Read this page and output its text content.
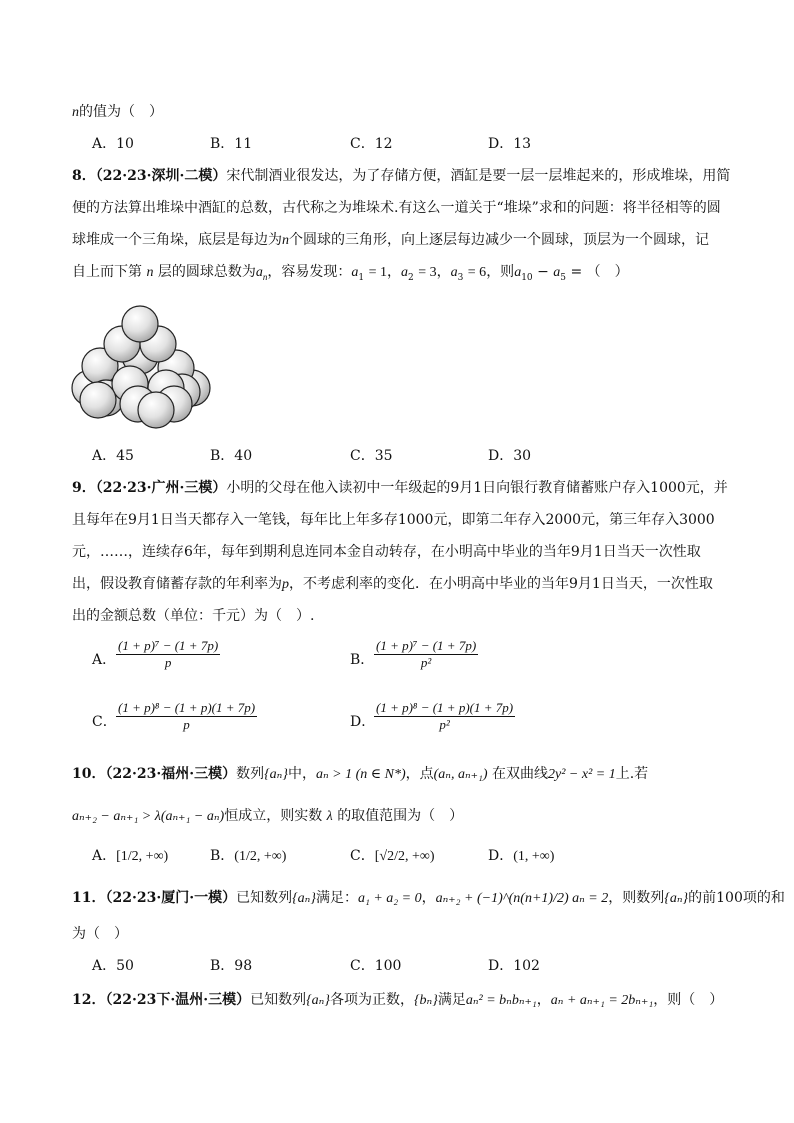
n的值为（　）
A．10	B．11	C．12	D．13
8．（22·23·深圳·二模）宋代制酒业很发达，为了存储方便，酒缸是要一层一层堆起来的，形成堆垛，用简
便的方法算出堆垛中酒缸的总数，古代称之为堆垛术.有这么一道关于“堆垛”求和的问题：将半径相等的圆
球堆成一个三角垛，底层是每边为n个圆球的三角形，向上逐层每边减少一个圆球，顶层为一个圆球，记
自上而下第 n 层的圆球总数为$a_n$，容易发现：$a_1 = 1$，$a_2 = 3$，$a_3 = 6$，则$a_{10} - a_5$ = （　）
A．45	B．40	C．35	D．30
9．（22·23·广州·三模）小明的父母在他入读初中一年级起的9月1日向银行教育储蓄账户存入1000元，并
且每年在9月1日当天都存入一笔钱，每年比上年多存1000元，即第二年存入2000元，第三年存入3000
元，……，连续存6年，每年到期利息连同本金自动转存，在小明高中毕业的当年9月1日当天一次性取
出，假设教育储蓄存款的年利率为p，不考虑利率的变化．在小明高中毕业的当年9月1日当天，一次性取
出的金额总数（单位：千元）为（　）.
A． $\frac{\text{(1 + p)⁷ − (1 + 7p)}}{p}$	B． $\frac{\text{(1 + p)⁷ − (1 + 7p)}}{\text{p²}}$
C． $\frac{\text{(1 + p)⁸ − (1 + p)(1 + 7p)}}{p}$	D．
$\frac{\text{(1 + p)⁸ − (1 + p)(1 + 7p)}}{\text{p²}}$
10．（22·23·福州·三模）数列{aₙ}中，aₙ > 1 (n ∈ N*)，点(aₙ, aₙ₊₁) 在双曲线2y² − x² = 1上.若
aₙ₊₂ − aₙ₊₁ > λ(aₙ₊₁ − aₙ)恒成立，则实数 λ 的取值范围为（　）
A．[1/2, +∞)	B．(1/2, +∞)	C．[√2/2, +∞)	D．(1, +∞)
11．（22·23·厦门·一模）已知数列{aₙ}满足：a₁ + a₂ = 0，aₙ₊₂ + (−1)^(n(n+1)/2) aₙ = 2，则数列{aₙ}的前100项的和
为（　）
A．50	B．98	C．100	D．102
12．（22·23下·温州·三模）已知数列{aₙ}各项为正数，{bₙ}满足aₙ² = bₙbₙ₊₁，aₙ + aₙ₊₁ = 2bₙ₊₁，则（　）
